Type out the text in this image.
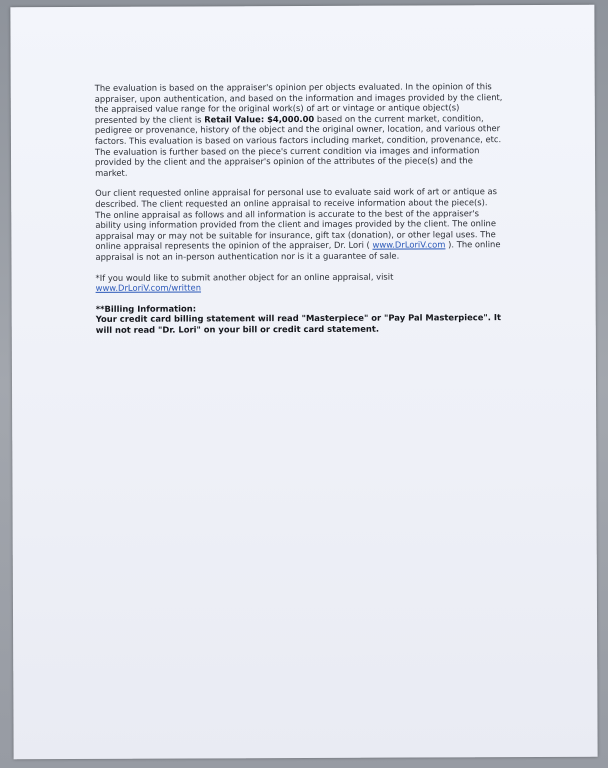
The evaluation is based on the appraiser's opinion per objects evaluated. In the opinion of this appraiser, upon authentication, and based on the information and images provided by the client, the appraised value range for the original work(s) of art or vintage or antique object(s) presented by the client is Retail Value: $4,000.00 based on the current market, condition, pedigree or provenance, history of the object and the original owner, location, and various other factors. This evaluation is based on various factors including market, condition, provenance, etc. The evaluation is further based on the piece's current condition via images and information provided by the client and the appraiser's opinion of the attributes of the piece(s) and the market.

Our client requested online appraisal for personal use to evaluate said work of art or antique as described. The client requested an online appraisal to receive information about the piece(s). The online appraisal as follows and all information is accurate to the best of the appraiser's ability using information provided from the client and images provided by the client. The online appraisal may or may not be suitable for insurance, gift tax (donation), or other legal uses. The online appraisal represents the opinion of the appraiser, Dr. Lori ( www.DrLoriV.com ). The online appraisal is not an in-person authentication nor is it a guarantee of sale.

*If you would like to submit another object for an online appraisal, visit
www.DrLoriV.com/written

**Billing Information:
Your credit card billing statement will read "Masterpiece" or "Pay Pal Masterpiece". It will not read "Dr. Lori" on your bill or credit card statement.
